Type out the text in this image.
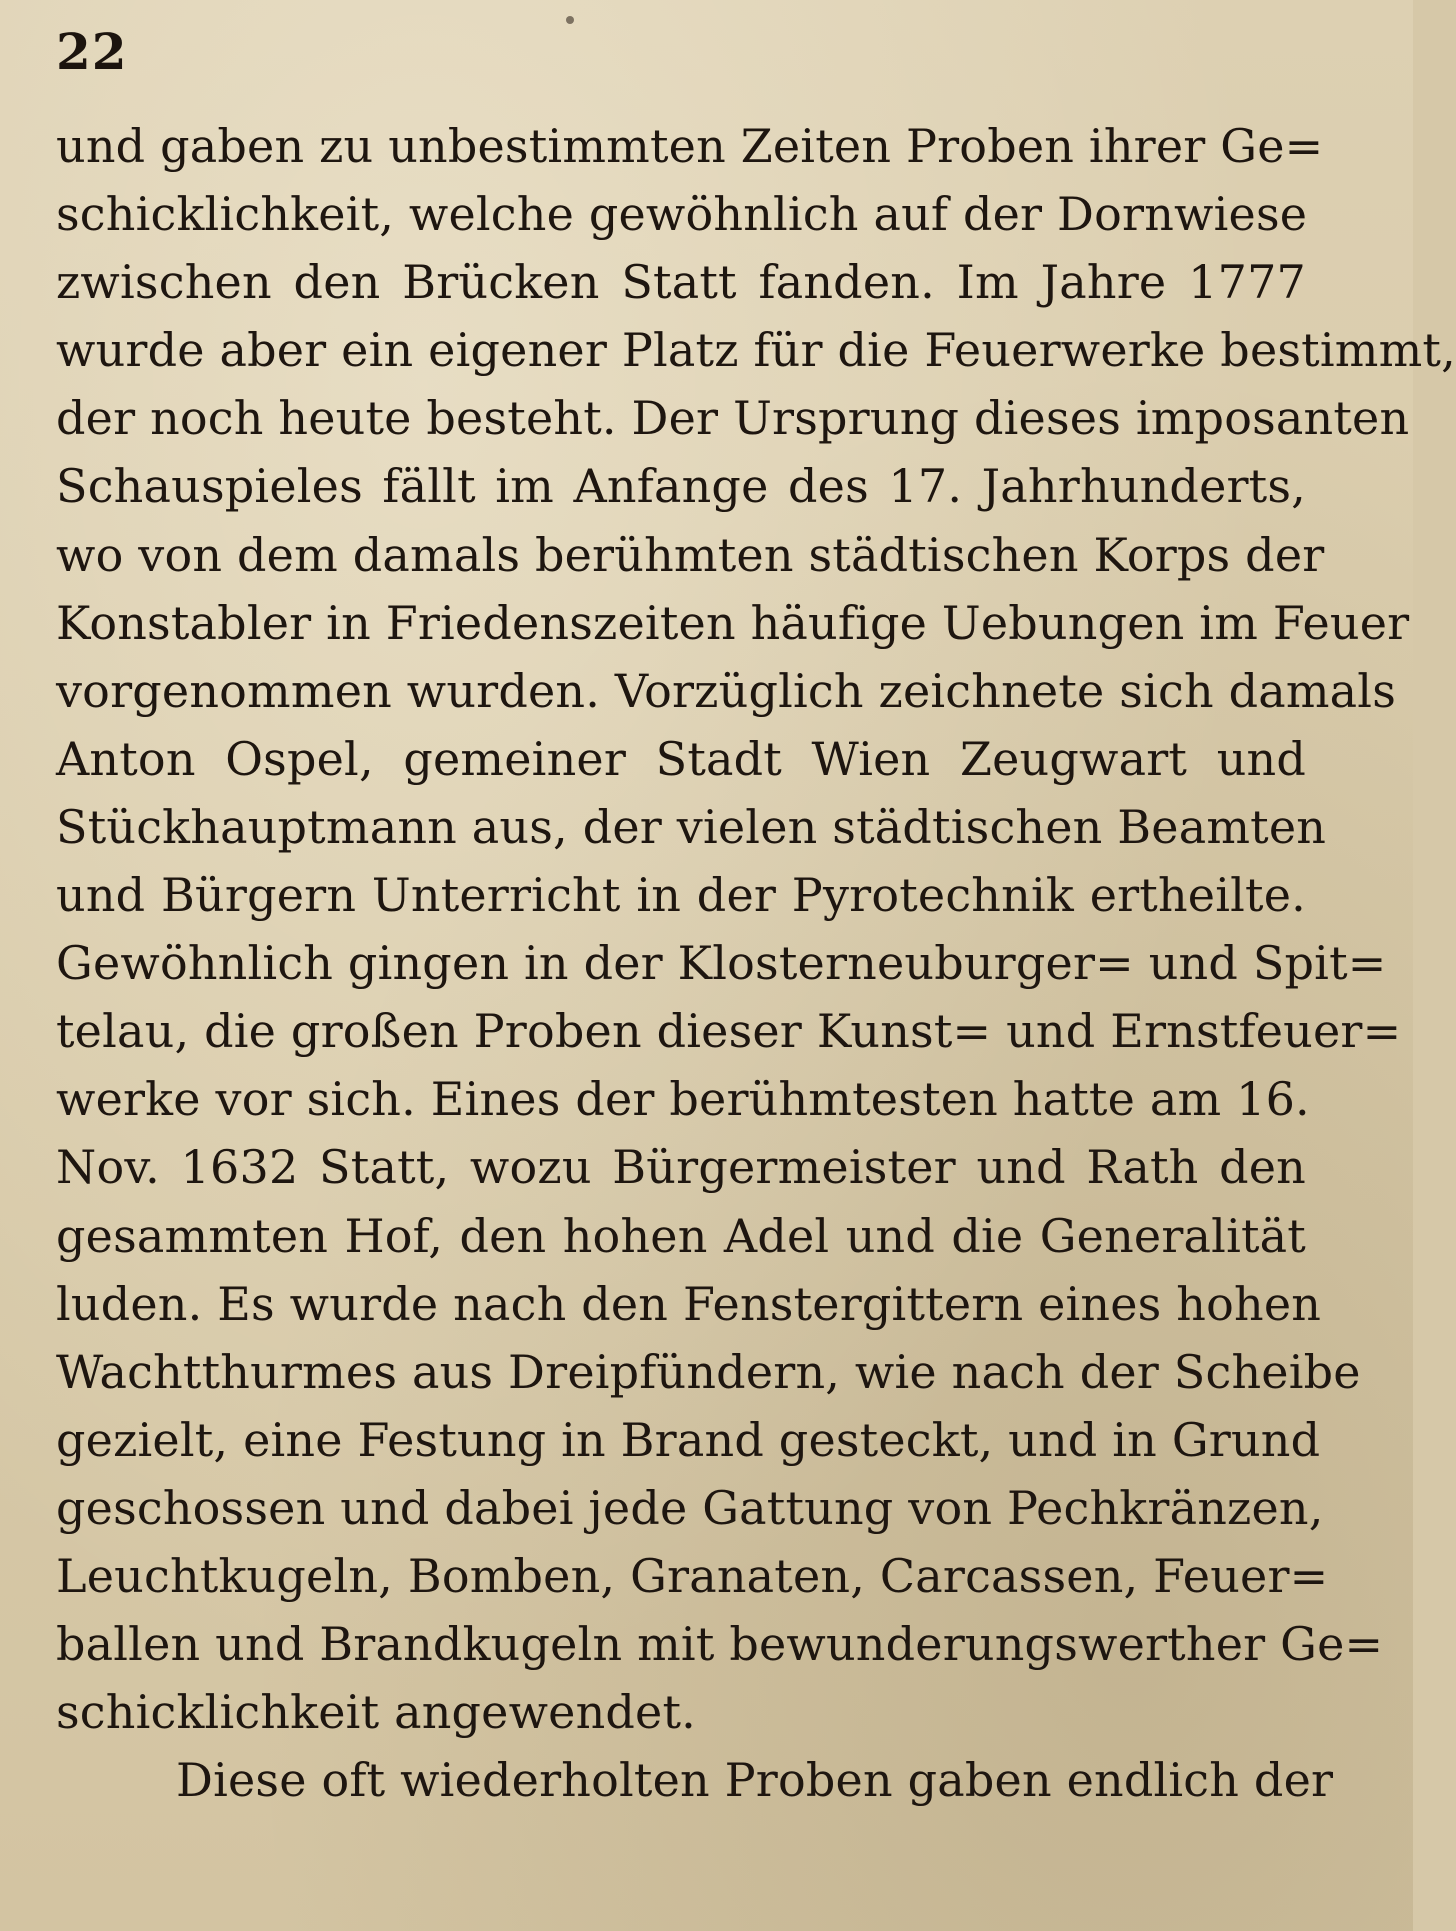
22
und gaben zu unbestimmten Zeiten Proben ihrer Ge=
schicklichkeit, welche gewöhnlich auf der Dornwiese
zwischen den Brücken Statt fanden. Im Jahre 1777
wurde aber ein eigener Platz für die Feuerwerke bestimmt,
der noch heute besteht. Der Ursprung dieses imposanten
Schauspieles fällt im Anfange des 17. Jahrhunderts,
wo von dem damals berühmten städtischen Korps der
Konstabler in Friedenszeiten häufige Uebungen im Feuer
vorgenommen wurden. Vorzüglich zeichnete sich damals
Anton Ospel, gemeiner Stadt Wien Zeugwart und
Stückhauptmann aus, der vielen städtischen Beamten
und Bürgern Unterricht in der Pyrotechnik ertheilte.
Gewöhnlich gingen in der Klosterneuburger= und Spit=
telau, die großen Proben dieser Kunst= und Ernstfeuer=
werke vor sich. Eines der berühmtesten hatte am 16.
Nov. 1632 Statt, wozu Bürgermeister und Rath den
gesammten Hof, den hohen Adel und die Generalität
luden. Es wurde nach den Fenstergittern eines hohen
Wachtthurmes aus Dreipfündern, wie nach der Scheibe
gezielt, eine Festung in Brand gesteckt, und in Grund
geschossen und dabei jede Gattung von Pechkränzen,
Leuchtkugeln, Bomben, Granaten, Carcassen, Feuer=
ballen und Brandkugeln mit bewunderungswerther Ge=
schicklichkeit angewendet.
Diese oft wiederholten Proben gaben endlich der
